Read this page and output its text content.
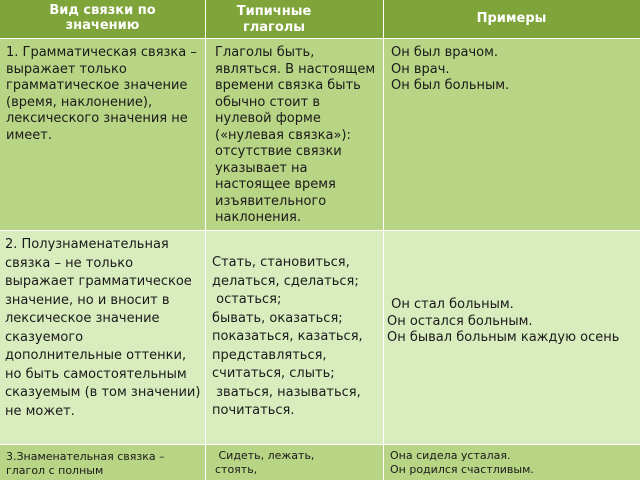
Вид связки по
значению
Типичные
глаголы
Примеры
1. Грамматическая связка – выражает только грамматическое значение (время, наклонение), лексического значения не имеет.
Глаголы быть, являться. В настоящем времени связка быть обычно стоит в нулевой форме («нулевая связка»): отсутствие связки указывает на настоящее время изъявительного наклонения.
Он был врачом.
Он врач.
Он был больным.
2. Полузнаменательная связка – не только выражает грамматическое значение, но и вносит в лексическое значение сказуемого дополнительные оттенки, но быть самостоятельным сказуемым (в том значении) не может.
Стать, становиться,
делаться, сделаться;
остаться;
бывать, оказаться;
показаться, казаться,
представляться,
считаться, слыть;
зваться, называться,
почитаться.
Он стал больным.
Он остался больным.
Он бывал больным каждую осень
3.Знаменательная связка –
глагол с полным
Сидеть, лежать,
стоять,
Она сидела усталая.
Он родился счастливым.
